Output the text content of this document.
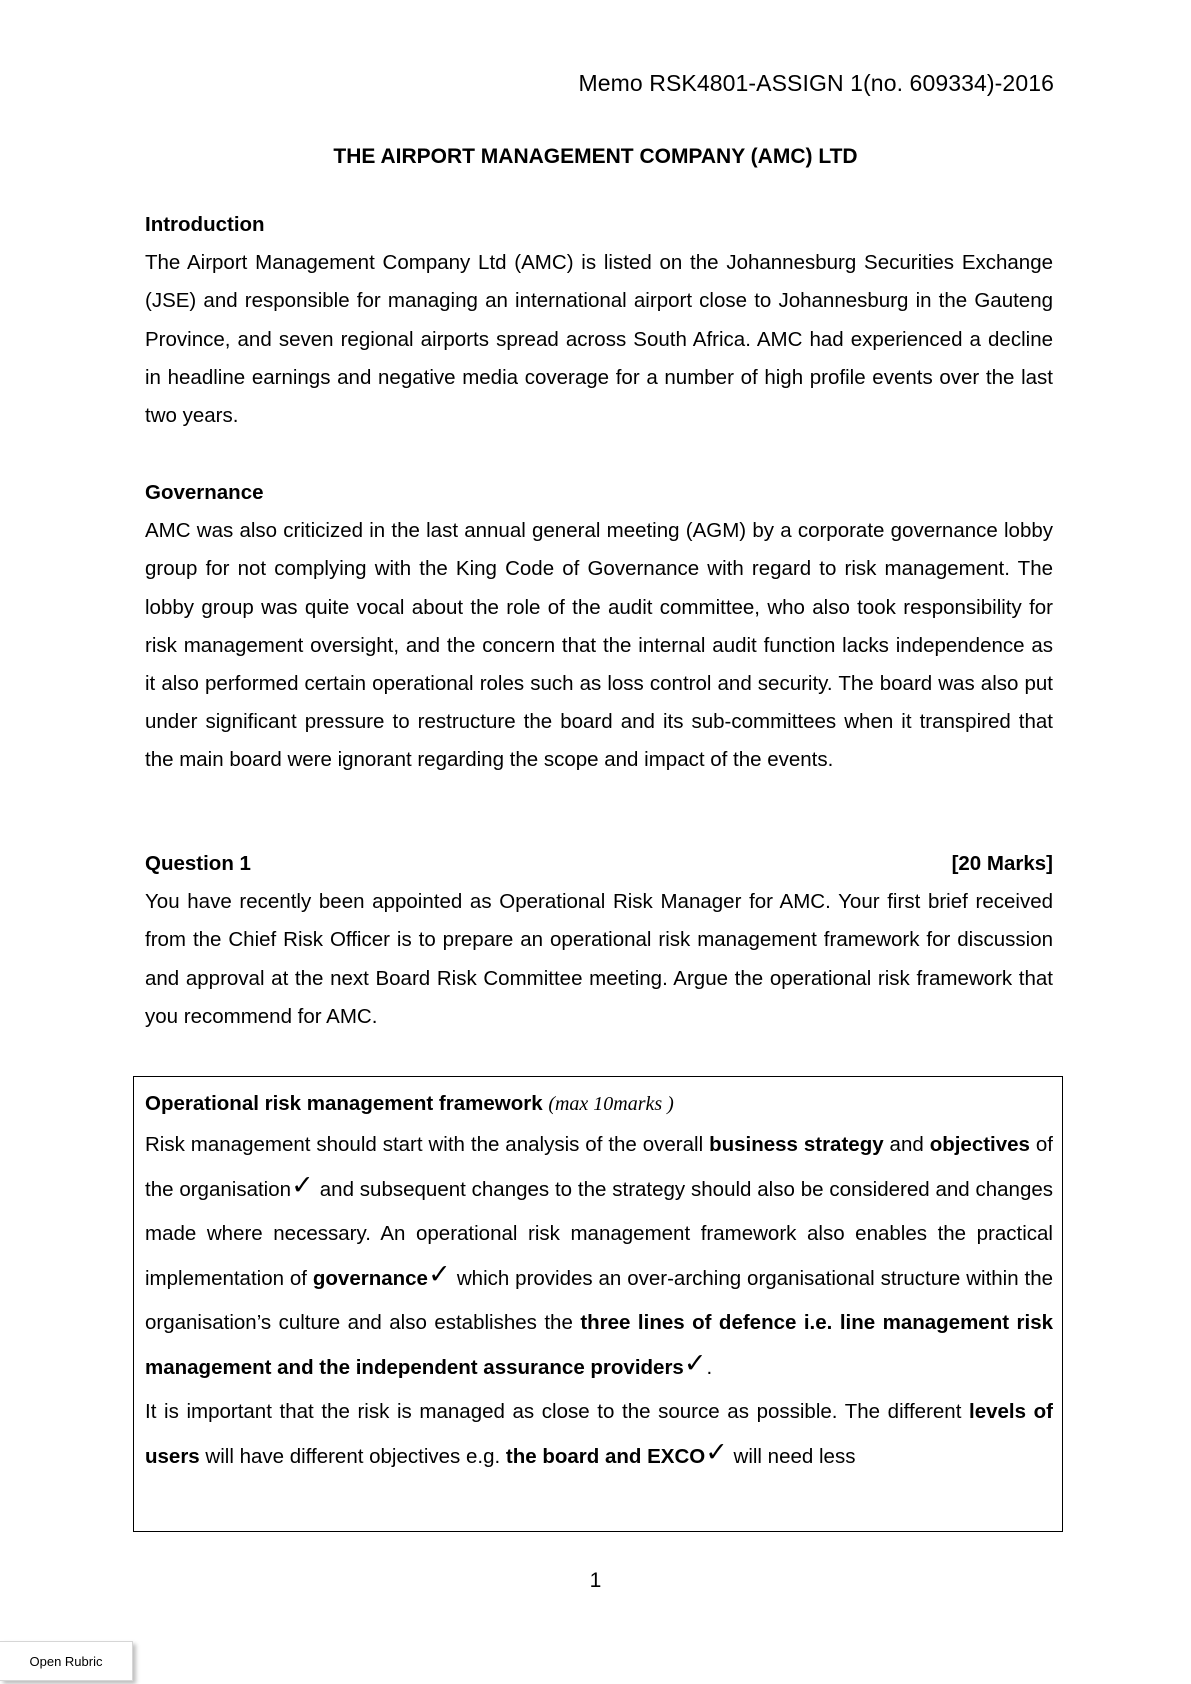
Memo RSK4801-ASSIGN 1(no. 609334)-2016
THE AIRPORT MANAGEMENT COMPANY (AMC) LTD
Introduction
The Airport Management Company Ltd (AMC) is listed on the Johannesburg Securities Exchange (JSE) and responsible for managing an international airport close to Johannesburg in the Gauteng Province, and seven regional airports spread across South Africa. AMC had experienced a decline in headline earnings and negative media coverage for a number of high profile events over the last two years.
Governance
AMC was also criticized in the last annual general meeting (AGM) by a corporate governance lobby group for not complying with the King Code of Governance with regard to risk management. The lobby group was quite vocal about the role of the audit committee, who also took responsibility for risk management oversight, and the concern that the internal audit function lacks independence as it also performed certain operational roles such as loss control and security. The board was also put under significant pressure to restructure the board and its sub-committees when it transpired that the main board were ignorant regarding the scope and impact of the events.
Question 1	[20 Marks]
You have recently been appointed as Operational Risk Manager for AMC. Your first brief received from the Chief Risk Officer is to prepare an operational risk management framework for discussion and approval at the next Board Risk Committee meeting. Argue the operational risk framework that you recommend for AMC.
Operational risk management framework (max 10marks )
Risk management should start with the analysis of the overall business strategy and objectives of the organisation✓ and subsequent changes to the strategy should also be considered and changes made where necessary. An operational risk management framework also enables the practical implementation of governance✓ which provides an over-arching organisational structure within the organisation’s culture and also establishes the three lines of defence i.e. line management risk management and the independent assurance providers✓.
It is important that the risk is managed as close to the source as possible. The different levels of users will have different objectives e.g. the board and EXCO✓ will need less
1
Open Rubric
